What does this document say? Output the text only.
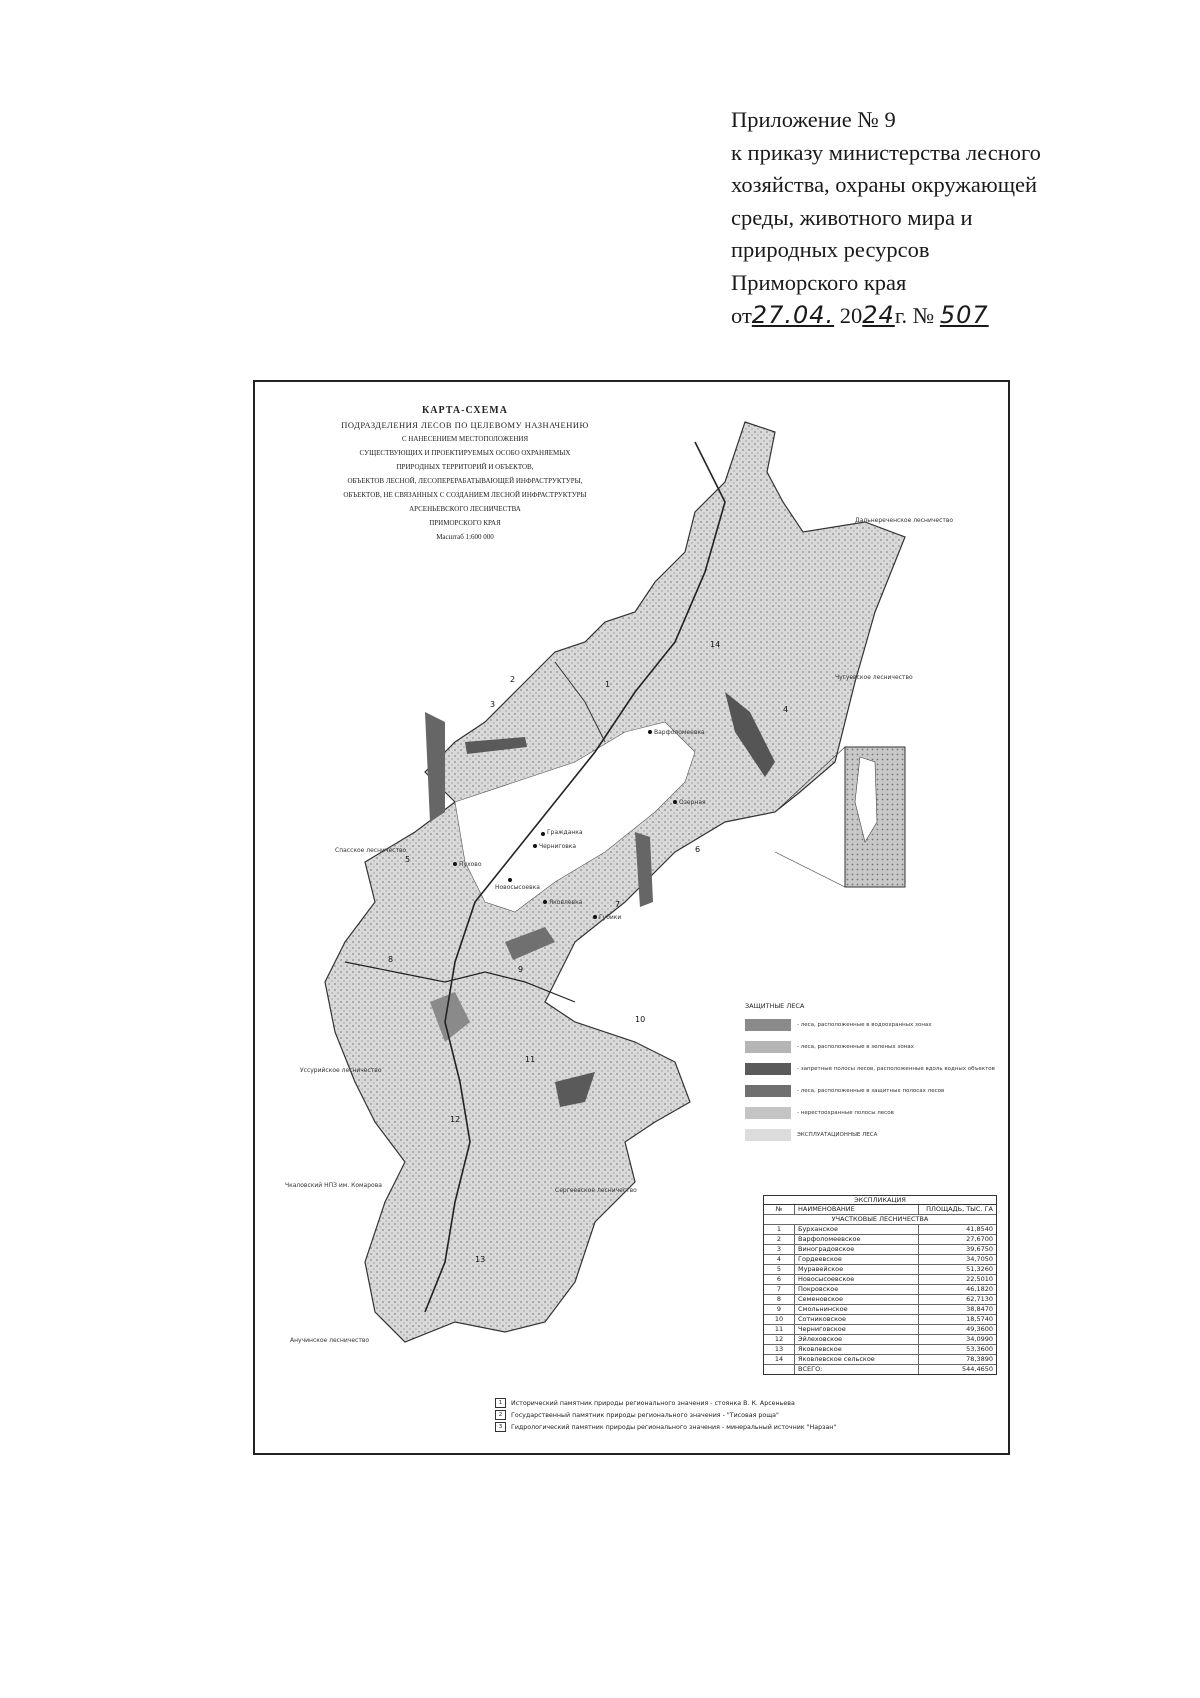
Приложение № 9
к приказу министерства лесного
хозяйства, охраны окружающей
среды, животного мира и
природных ресурсов
Приморского края
от27.04. 2024г. № 507
КАРТА-СХЕМА
ПОДРАЗДЕЛЕНИЯ ЛЕСОВ ПО ЦЕЛЕВОМУ НАЗНАЧЕНИЮ
С НАНЕСЕНИЕМ МЕСТОПОЛОЖЕНИЯ
СУЩЕСТВУЮЩИХ И ПРОЕКТИРУЕМЫХ ОСОБО ОХРАНЯЕМЫХ
ПРИРОДНЫХ ТЕРРИТОРИЙ И ОБЪЕКТОВ,
ОБЪЕКТОВ ЛЕСНОЙ, ЛЕСОПЕРЕРАБАТЫВАЮЩЕЙ ИНФРАСТРУКТУРЫ,
ОБЪЕКТОВ, НЕ СВЯЗАННЫХ С СОЗДАНИЕМ ЛЕСНОЙ ИНФРАСТРУКТУРЫ
АРСЕНЬЕВСКОГО ЛЕСНИЧЕСТВА
ПРИМОРСКОГО КРАЯ
Масштаб 1:600 000
1
2
3
4
5
6
7
8
9
10
11
12
13
14
Дальнереченское лесничество
Чугуевское лесничество
Спасское лесничество
Уссурийское лесничество
Сергеевское лесничество
Чкаловский НПЗ им. Комарова
Анучинское лесничество
Гражданка
Черниговка
Пухово
Новосысоевка
Яковлевка
Губики
Варфоломеевка
Озерная
ЗАЩИТНЫЕ ЛЕСА
- леса, расположенные в водоохранных зонах
- леса, расположенные в зеленых зонах
- запретные полосы лесов, расположенные вдоль водных объектов
- леса, расположенные в защитных полосах лесов
- нерестоохранные полосы лесов
ЭКСПЛУАТАЦИОННЫЕ ЛЕСА
ЭКСПЛИКАЦИЯ
№	НАИМЕНОВАНИЕ	ПЛОЩАДЬ, ТЫС. ГА
УЧАСТКОВЫЕ ЛЕСНИЧЕСТВА
1	Бурханское	41,8540
2	Варфоломеевское	27,6700
3	Виноградовское	39,6750
4	Гордеевское	34,7050
5	Муравейское	51,3260
6	Новосысоевское	22,5010
7	Покровское	46,1820
8	Семеновское	62,7130
9	Смольнинское	38,8470
10	Сотниковское	18,5740
11	Черниговское	49,3600
12	Эйлеховское	34,0990
13	Яковлевское	53,3600
14	Яковлевское сельское	78,3890
ВСЕГО:	544,4650
1	Исторический памятник природы регионального значения - стоянка В. К. Арсеньева
2	Государственный памятник природы регионального значения - "Тисовая роща"
3	Гидрологический памятник природы регионального значения - минеральный источник "Нарзан"
